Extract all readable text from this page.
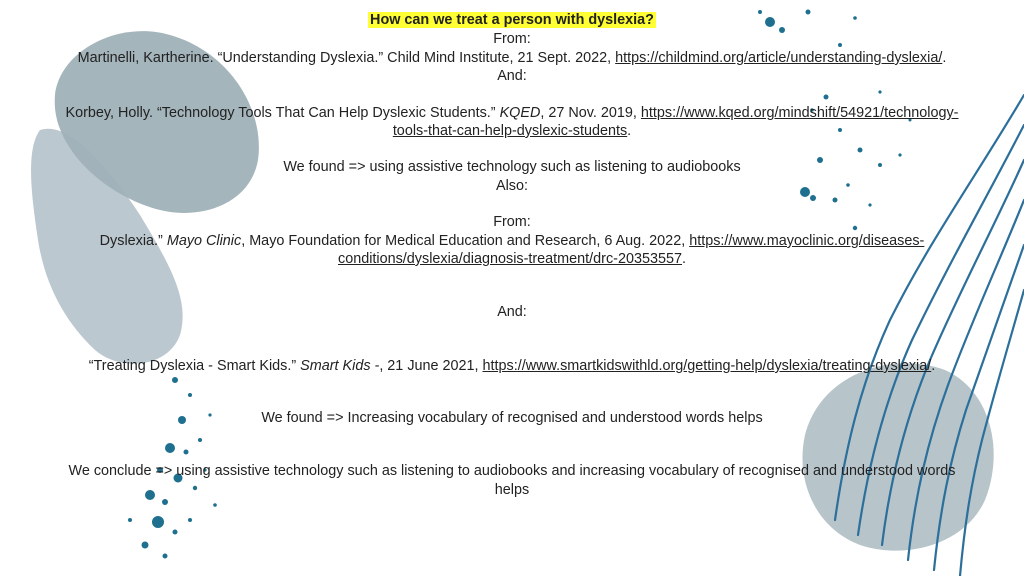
How can we treat a person with dyslexia?
From:
Martinelli, Kartherine. “Understanding Dyslexia.” Child Mind Institute, 21 Sept. 2022, https://childmind.org/article/understanding-dyslexia/.
And:
Korbey, Holly. “Technology Tools That Can Help Dyslexic Students.” KQED, 27 Nov. 2019, https://www.kqed.org/mindshift/54921/technology-
tools-that-can-help-dyslexic-students.
We found => using assistive technology such as listening to audiobooks
Also:
From:
Dyslexia.” Mayo Clinic, Mayo Foundation for Medical Education and Research, 6 Aug. 2022, https://www.mayoclinic.org/diseases-
conditions/dyslexia/diagnosis-treatment/drc-20353557.
And:
“Treating Dyslexia - Smart Kids.” Smart Kids -, 21 June 2021, https://www.smartkidswithld.org/getting-help/dyslexia/treating-dyslexia/.
We found => Increasing vocabulary of recognised and understood words helps
We conclude => using assistive technology such as listening to audiobooks and increasing vocabulary of recognised and understood words
helps
